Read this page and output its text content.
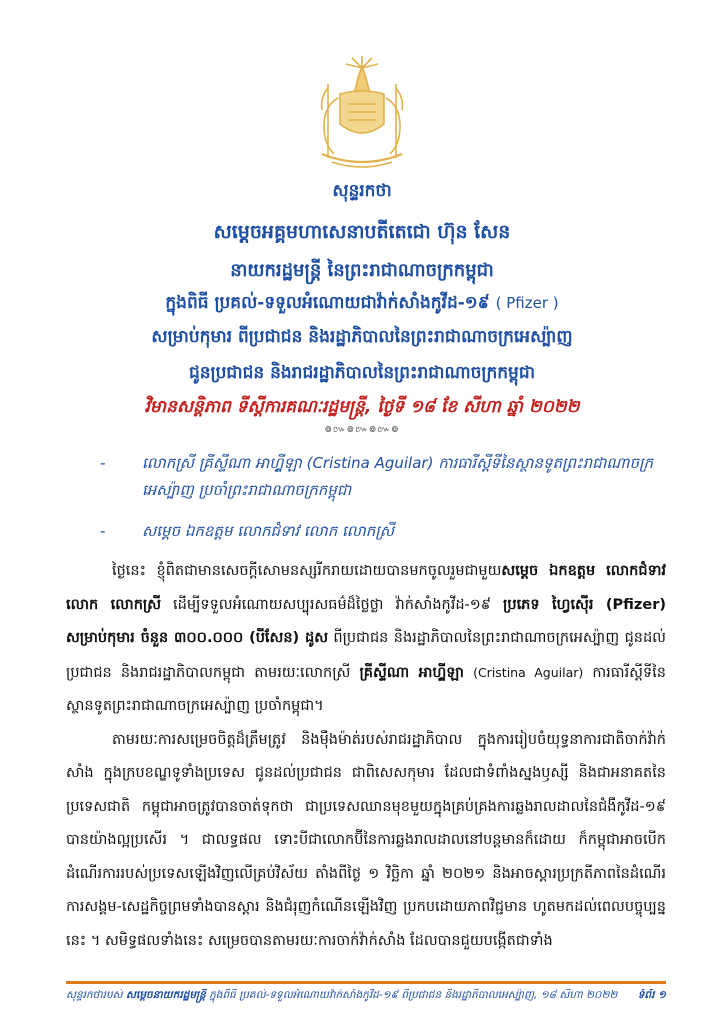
សុន្ទរកថា
សម្តេចអគ្គមហាសេនាបតីតេជោ ហ៊ុន សែន
នាយករដ្ឋមន្ត្រី នៃព្រះរាជាណាចក្រកម្ពុជា
ក្នុងពិធី ប្រគល់-ទទួលអំណោយជាវ៉ាក់សាំងកូវីដ-១៩ ( Pfizer )
សម្រាប់កុមារ ពីប្រជាជន និងរដ្ឋាភិបាលនៃព្រះរាជាណាចក្រអេស្ប៉ាញ
ជូនប្រជាជន និងរាជរដ្ឋាភិបាលនៃព្រះរាជាណាចក្រកម្ពុជា
វិមានសន្តិភាព ទីស្តីការគណៈរដ្ឋមន្ត្រី, ថ្ងៃទី ១៨ ខែ សីហា ឆ្នាំ ២០២២
៙៚៙៚៙៚៙
- លោកស្រី គ្រីស្ទីណា អាហ្គ្វីឡា (Cristina Aguilar) ការធារីស្តីទីនៃស្ថានទូតព្រះរាជាណាចក្រអេស្ប៉ាញ ប្រចាំព្រះរាជាណាចក្រកម្ពុជា
- សម្តេច ឯកឧត្តម លោកជំទាវ លោក លោកស្រី

ថ្ងៃនេះ ខ្ញុំពិតជាមានសេចក្តីសោមនស្សរីករាយដោយបានមកចូលរួមជាមួយសម្តេច ឯកឧត្តម លោកជំទាវ លោក លោកស្រី ដើម្បីទទួលអំណោយសប្បុរសធម៌ដ៏ថ្លៃថ្លា វ៉ាក់សាំងកូវីដ-១៩ ប្រភេទ ហ្វៃស៊ើរ (Pfizer) សម្រាប់កុមារ ចំនួន ៣០០.០០០ (បីសែន) ដូស ពីប្រជាជន និងរដ្ឋាភិបាលនៃព្រះរាជាណាចក្រអេស្ប៉ាញ ជូនដល់ប្រជាជន និងរាជរដ្ឋាភិបាលកម្ពុជា តាមរយៈលោកស្រី គ្រីស្ទីណា អាហ្គ្វីឡា (Cristina Aguilar) ការធារីស្តីទីនៃស្ថានទូតព្រះរាជាណាចក្រអេស្ប៉ាញ ប្រចាំកម្ពុជា។

តាមរយៈការសម្រេចចិត្តដ៏ត្រឹមត្រូវ និងម៉ឺងម៉ាត់របស់រាជរដ្ឋាភិបាល ក្នុងការរៀបចំយុទ្ធនាការជាតិចាក់វ៉ាក់សាំង ក្នុងក្របខណ្ឌទូទាំងប្រទេស ជូនដល់ប្រជាជន ជាពិសេសកុមារ ដែលជាទំពាំងស្នងឫស្សី និងជាអនាគតនៃប្រទេសជាតិ កម្ពុជាអាចត្រូវបានចាត់ទុកថា ជាប្រទេសឈានមុខមួយក្នុងគ្រប់គ្រងការឆ្លងរាលដាលនៃជំងឺកូវីដ-១៩ បានយ៉ាងល្អប្រសើរ ។ ជាលទ្ធផល ទោះបីជាលោកប៊ីនៃការឆ្លងរាលដាលនៅបន្តមានក៏ដោយ ក៏កម្ពុជាអាចបើកដំណើរការរបស់ប្រទេសឡើងវិញលើគ្រប់វិស័យ តាំងពីថ្ងៃ ១ វិច្ឆិកា ឆ្នាំ ២០២១ និងអាចស្តារប្រក្រតីភាពនៃដំណើរការសង្គម-សេដ្ឋកិច្ចព្រមទាំងបានស្តារ និងជំរុញកំណើនឡើងវិញ ប្រកបដោយភាពវិជ្ជមាន ហូតមកដល់ពេលបច្ចុប្បន្ននេះ ។ សមិទ្ធផលទាំងនេះ សម្រេចបានតាមរយៈការចាក់វ៉ាក់សាំង ដែលបានជួយបង្កើតជាទាំង

សុន្ទរកថារបស់ សម្តេចនាយករដ្ឋមន្ត្រី ក្នុងពិធី ប្រគល់-ទទួលអំណោយវ៉ាក់សាំងកូវីដ-១៩ ពីប្រជាជន និងរដ្ឋាភិបាលអេស្ប៉ាញ, ១៨ សីហា ២០២២	ទំព័រ ១
